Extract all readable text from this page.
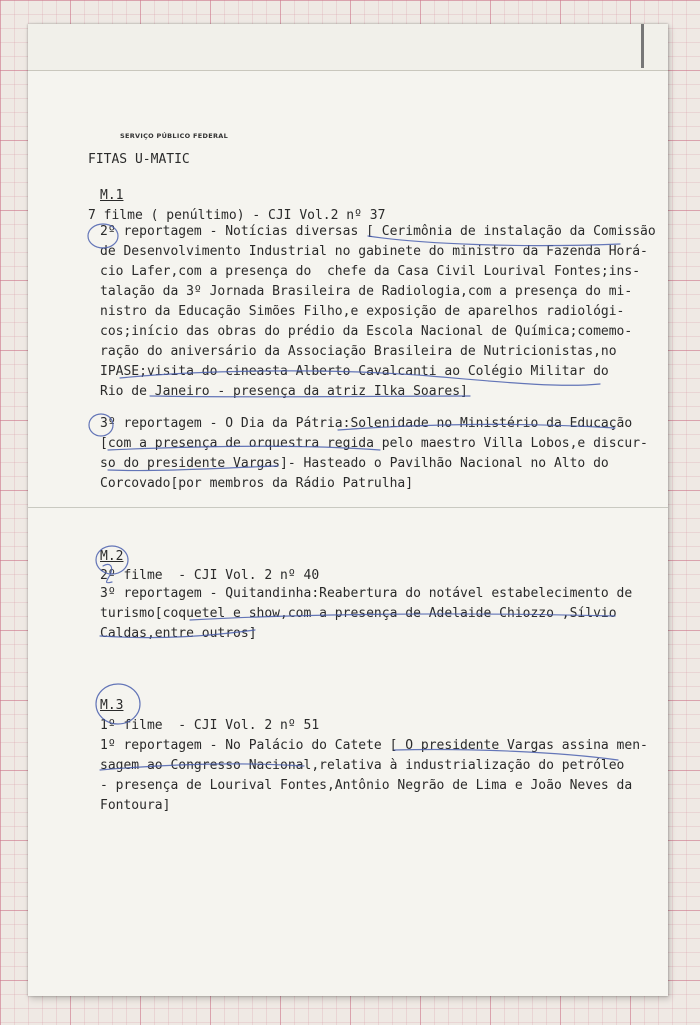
SERVIÇO PÚBLICO FEDERAL
FITAS U-MATIC
M.1
7 filme ( penúltimo) - CJI Vol.2 nº 37
2º reportagem - Notícias diversas [ Cerimônia de instalação da Comissão
de Desenvolvimento Industrial no gabinete do ministro da Fazenda Horá-
cio Lafer,com a presença do  chefe da Casa Civil Lourival Fontes;ins-
talação da 3º Jornada Brasileira de Radiologia,com a presença do mi-
nistro da Educação Simões Filho,e exposição de aparelhos radiológi-
cos;início das obras do prédio da Escola Nacional de Química;comemo-
ração do aniversário da Associação Brasileira de Nutricionistas,no
IPASE;visita do cineasta Alberto Cavalcanti ao Colégio Militar do
Rio de Janeiro - presença da atriz Ilka Soares]
3º reportagem - O Dia da Pátria:Solenidade no Ministério da Educação
[com a presença de orquestra regida pelo maestro Villa Lobos,e discur-
so do presidente Vargas]- Hasteado o Pavilhão Nacional no Alto do
Corcovado[por membros da Rádio Patrulha]
M.2
2º filme  - CJI Vol. 2 nº 40
3º reportagem - Quitandinha:Reabertura do notável estabelecimento de
turismo[coquetel e show,com a presença de Adelaide Chiozzo ,Sílvio
Caldas,entre outros]
M.3
1º filme  - CJI Vol. 2 nº 51
1º reportagem - No Palácio do Catete [ O presidente Vargas assina men-
sagem ao Congresso Nacional,relativa à industrialização do petróleo
- presença de Lourival Fontes,Antônio Negrão de Lima e João Neves da
Fontoura]
